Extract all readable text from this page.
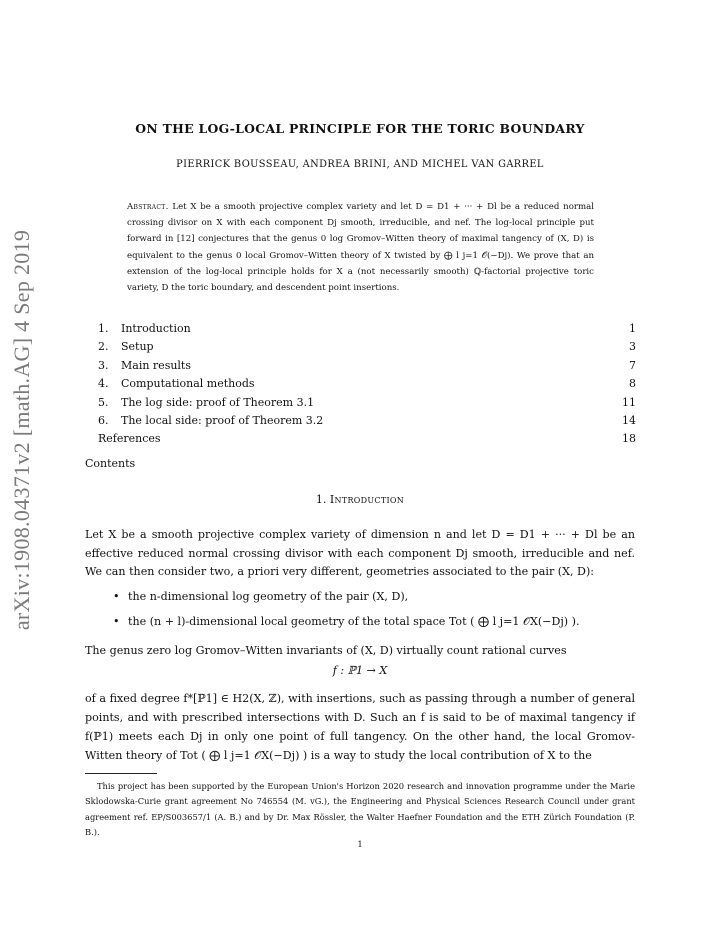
arXiv:1908.04371v2 [math.AG] 4 Sep 2019
ON THE LOG-LOCAL PRINCIPLE FOR THE TORIC BOUNDARY
PIERRICK BOUSSEAU, ANDREA BRINI, AND MICHEL VAN GARREL
Abstract. Let X be a smooth projective complex variety and let D = D1 + ··· + Dl be a reduced normal crossing divisor on X with each component Dj smooth, irreducible, and nef. The log-local principle put forward in [12] conjectures that the genus 0 log Gromov–Witten theory of maximal tangency of (X, D) is equivalent to the genus 0 local Gromov–Witten theory of X twisted by ⨁ l j=1 𝒪(−Dj). We prove that an extension of the log-local principle holds for X a (not necessarily smooth) ℚ-factorial projective toric variety, D the toric boundary, and descendent point insertions.
1. Introduction	1
2. Setup	3
3. Main results	7
4. Computational methods	8
5. The log side: proof of Theorem 3.1	11
6. The local side: proof of Theorem 3.2	14
References	18
Contents
1. Introduction
Let X be a smooth projective complex variety of dimension n and let D = D1 + ··· + Dl be an effective reduced normal crossing divisor with each component Dj smooth, irreducible and nef. We can then consider two, a priori very different, geometries associated to the pair (X, D):
• the n-dimensional log geometry of the pair (X, D),
• the (n + l)-dimensional local geometry of the total space Tot ( ⨁ l j=1 𝒪X(−Dj) ).
The genus zero log Gromov–Witten invariants of (X, D) virtually count rational curves
f : ℙ1 → X
of a fixed degree f*[ℙ1] ∈ H2(X, ℤ), with insertions, such as passing through a number of general points, and with prescribed intersections with D. Such an f is said to be of maximal tangency if f(ℙ1) meets each Dj in only one point of full tangency. On the other hand, the local Gromov-Witten theory of Tot ( ⨁ l j=1 𝒪X(−Dj) ) is a way to study the local contribution of X to the
This project has been supported by the European Union's Horizon 2020 research and innovation programme under the Marie Sklodowska-Curie grant agreement No 746554 (M. vG.), the Engineering and Physical Sciences Research Council under grant agreement ref. EP/S003657/1 (A. B.) and by Dr. Max Rössler, the Walter Haefner Foundation and the ETH Zürich Foundation (P. B.).
1
